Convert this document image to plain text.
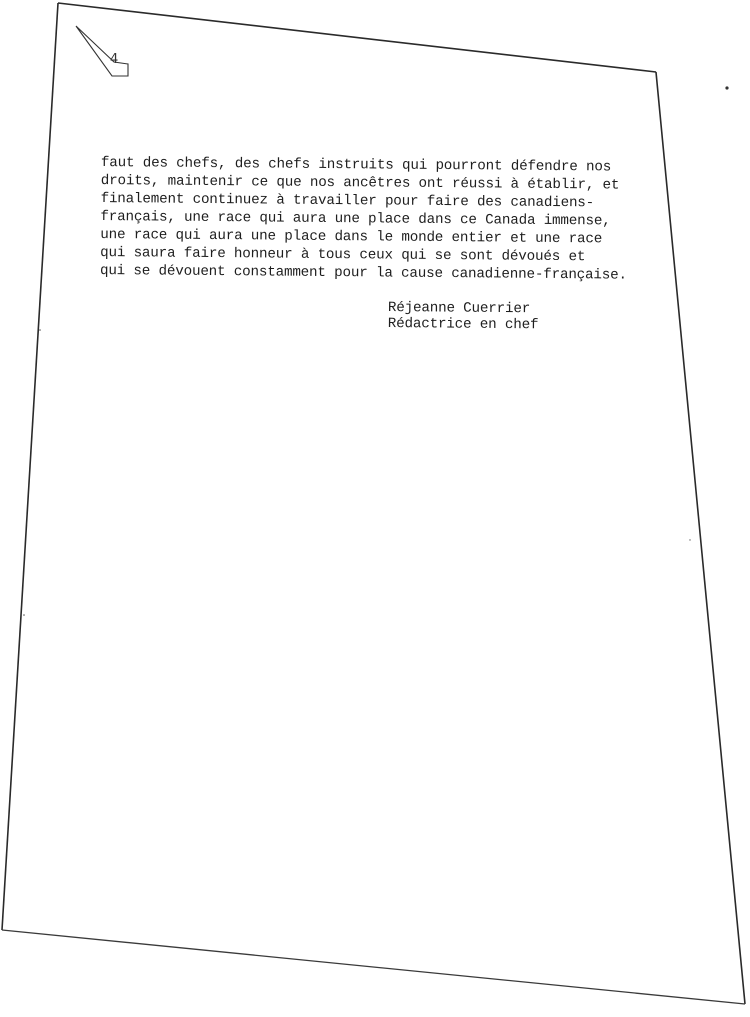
4
faut des chefs, des chefs instruits qui pourront défendre nos
droits, maintenir ce que nos ancêtres ont réussi à établir, et
finalement continuez à travailler pour faire des canadiens-
français, une race qui aura une place dans ce Canada immense,
une race qui aura une place dans le monde entier et une race
qui saura faire honneur à tous ceux qui se sont dévoués et
qui se dévouent constamment pour la cause canadienne-française.
Réjeanne Cuerrier
Rédactrice en chef
